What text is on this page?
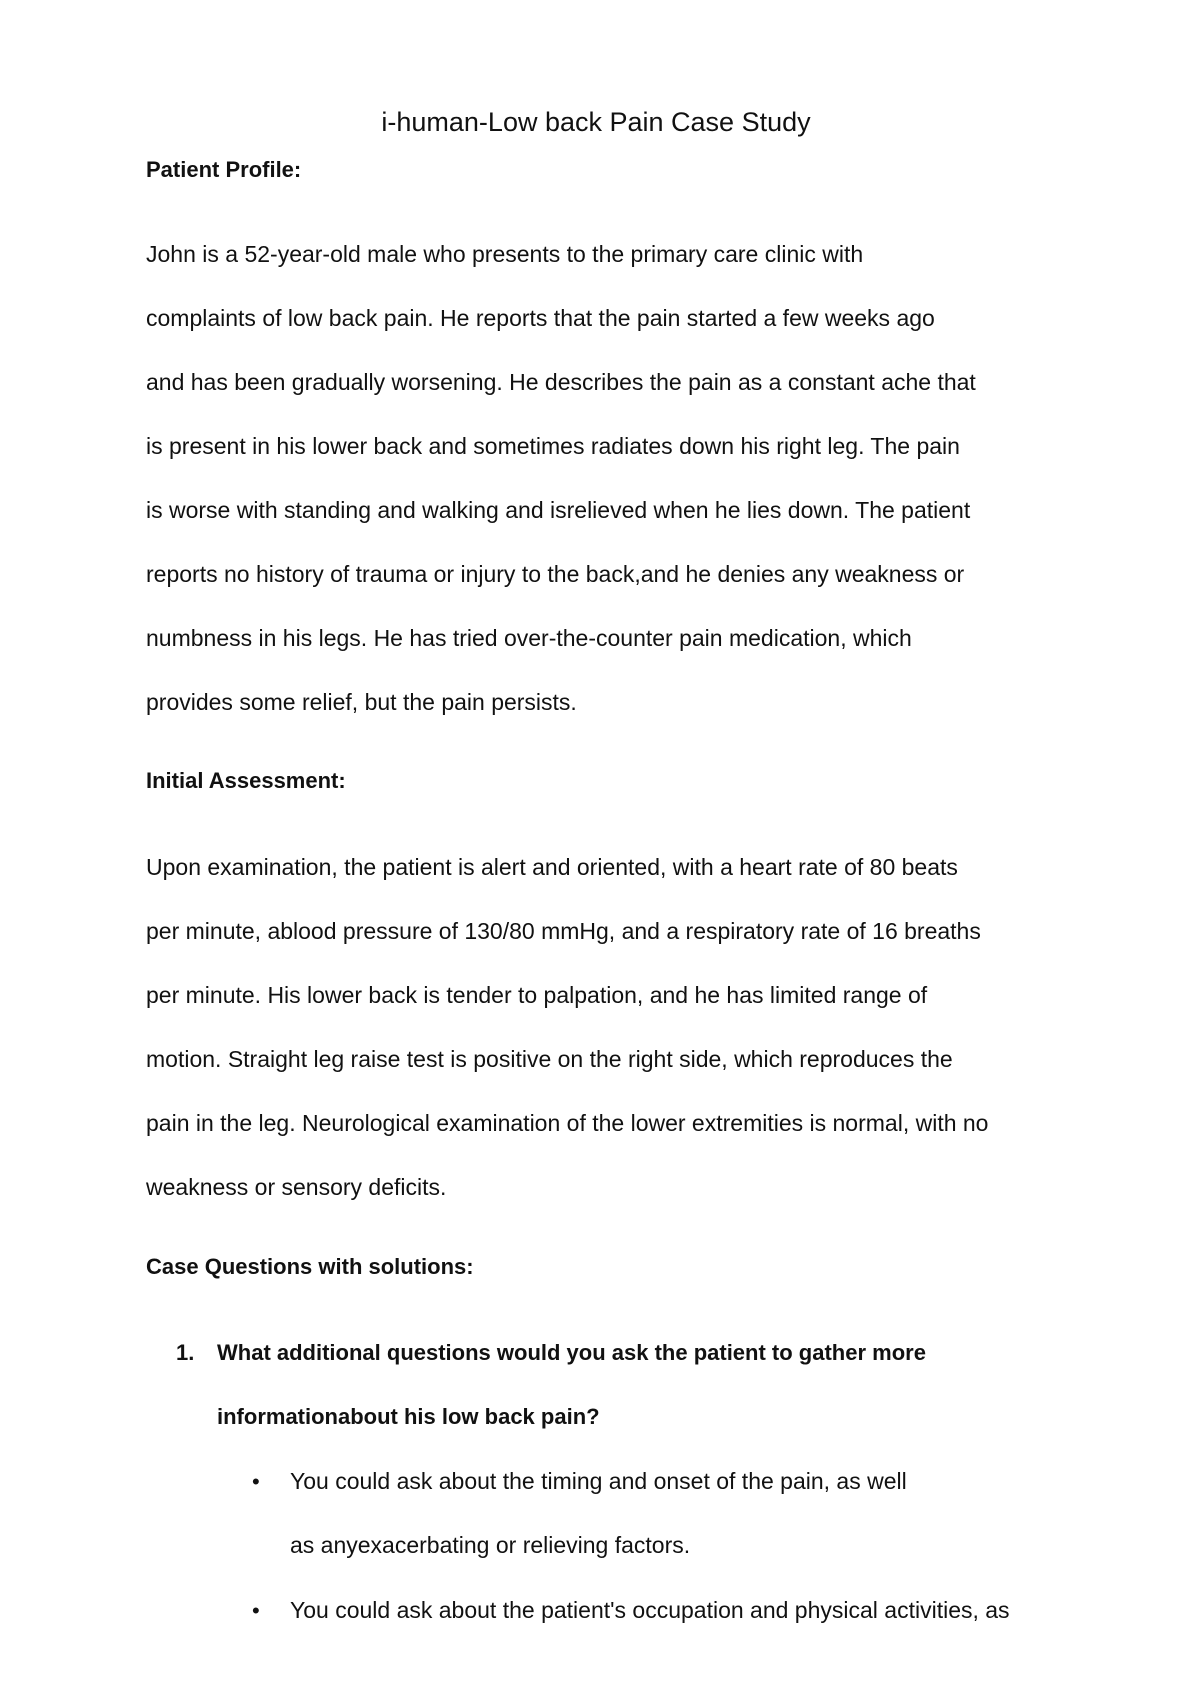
i-human-Low back Pain Case Study
Patient Profile:

John is a 52-year-old male who presents to the primary care clinic with

complaints of low back pain. He reports that the pain started a few weeks ago

and has been gradually worsening. He describes the pain as a constant ache that

is present in his lower back and sometimes radiates down his right leg. The pain

is worse with standing and walking and isrelieved when he lies down. The patient

reports no history of trauma or injury to the back,and he denies any weakness or

numbness in his legs. He has tried over-the-counter pain medication, which

provides some relief, but the pain persists.

Initial Assessment:

Upon examination, the patient is alert and oriented, with a heart rate of 80 beats

per minute, ablood pressure of 130/80 mmHg, and a respiratory rate of 16 breaths

per minute. His lower back is tender to palpation, and he has limited range of

motion. Straight leg raise test is positive on the right side, which reproduces the

pain in the leg. Neurological examination of the lower extremities is normal, with no

weakness or sensory deficits.

Case Questions with solutions:
1. What additional questions would you ask the patient to gather more

informationabout his low back pain?

• You could ask about the timing and onset of the pain, as well

as anyexacerbating or relieving factors.

• You could ask about the patient's occupation and physical activities, as
